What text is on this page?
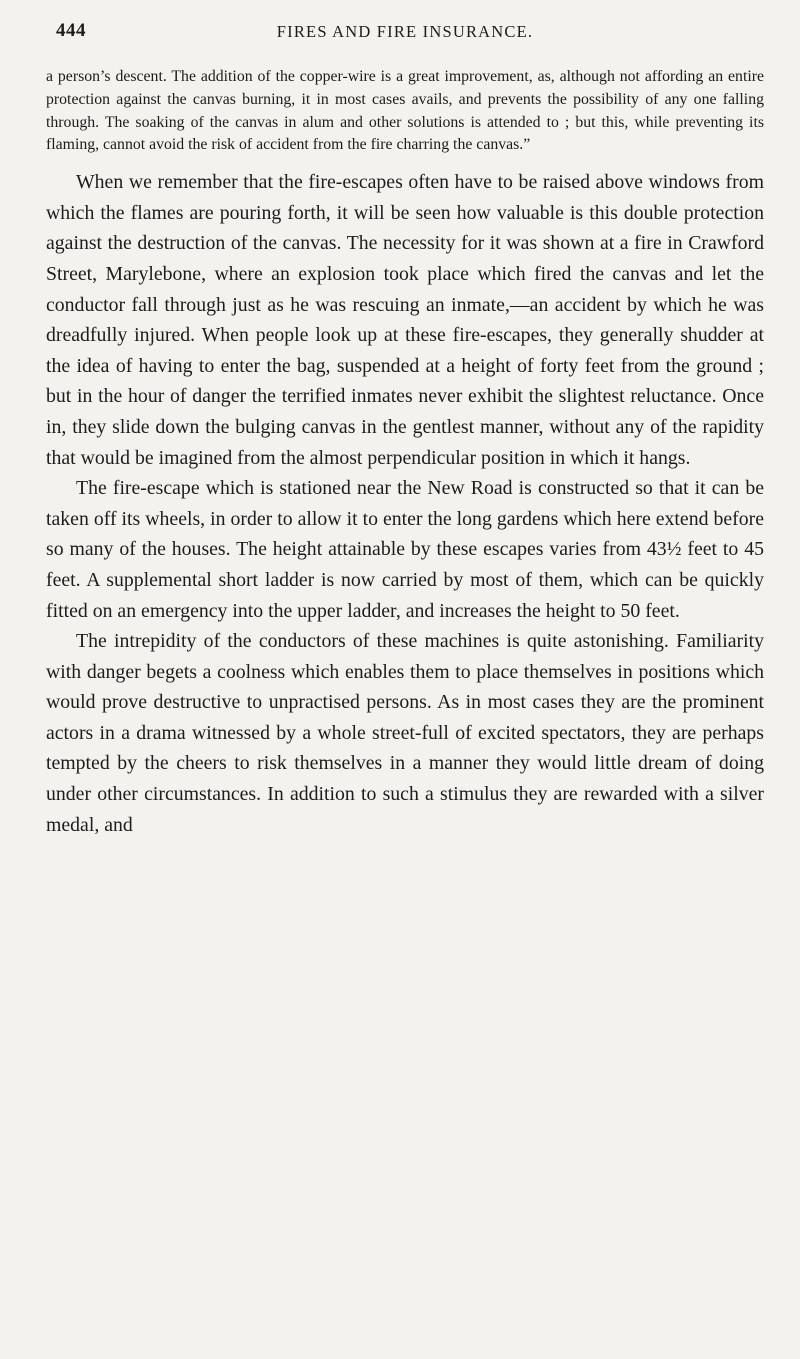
444	FIRES AND FIRE INSURANCE.

a person’s descent. The addition of the copper-wire is a great improvement, as, although not affording an entire protection against the canvas burning, it in most cases avails, and prevents the possibility of any one falling through. The soaking of the canvas in alum and other solutions is attended to ; but this, while preventing its flaming, cannot avoid the risk of accident from the fire charring the canvas.”

When we remember that the fire-escapes often have to be raised above windows from which the flames are pouring forth, it will be seen how valuable is this double protection against the destruction of the canvas. The necessity for it was shown at a fire in Crawford Street, Marylebone, where an explosion took place which fired the canvas and let the conductor fall through just as he was rescuing an inmate,—an accident by which he was dreadfully injured. When people look up at these fire-escapes, they generally shudder at the idea of having to enter the bag, suspended at a height of forty feet from the ground ; but in the hour of danger the terrified inmates never exhibit the slightest reluctance. Once in, they slide down the bulging canvas in the gentlest manner, without any of the rapidity that would be imagined from the almost perpendicular position in which it hangs.

The fire-escape which is stationed near the New Road is constructed so that it can be taken off its wheels, in order to allow it to enter the long gardens which here extend before so many of the houses. The height attainable by these escapes varies from 43½ feet to 45 feet. A supplemental short ladder is now carried by most of them, which can be quickly fitted on an emergency into the upper ladder, and increases the height to 50 feet.

The intrepidity of the conductors of these machines is quite astonishing. Familiarity with danger begets a coolness which enables them to place themselves in positions which would prove destructive to unpractised persons. As in most cases they are the prominent actors in a drama witnessed by a whole street-full of excited spectators, they are perhaps tempted by the cheers to risk themselves in a manner they would little dream of doing under other circumstances. In addition to such a stimulus they are rewarded with a silver medal, and
